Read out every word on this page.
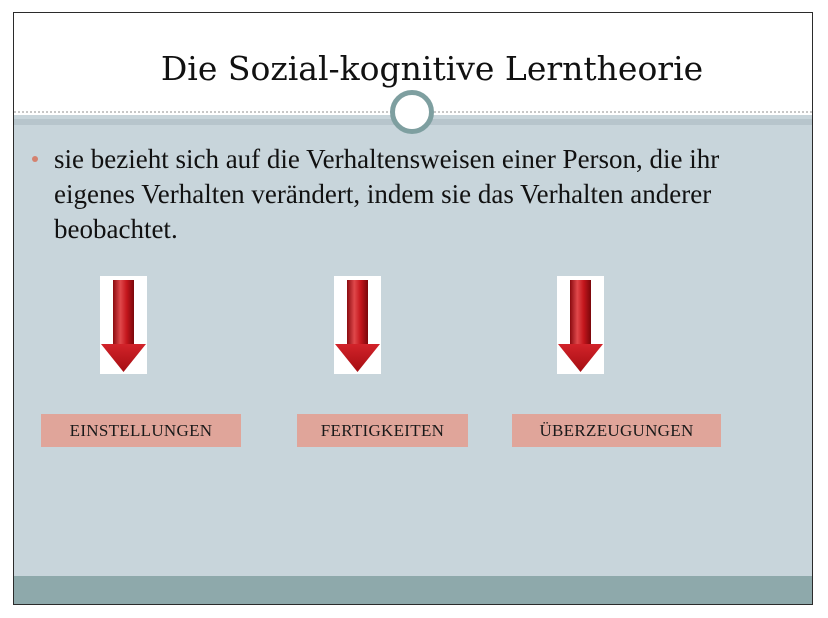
Die Sozial-kognitive Lerntheorie
sie bezieht sich auf die Verhaltensweisen einer Person, die ihr eigenes Verhalten verändert, indem sie das Verhalten anderer beobachtet.
EINSTELLUNGEN	FERTIGKEITEN	ÜBERZEUGUNGEN
